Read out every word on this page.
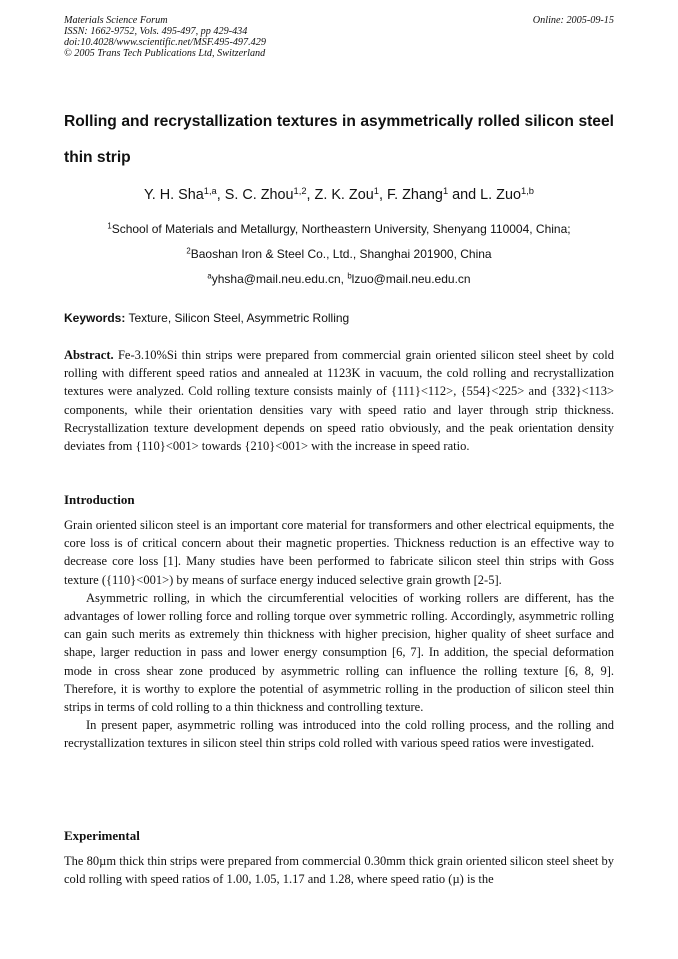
Materials Science Forum
ISSN: 1662-9752, Vols. 495-497, pp 429-434
doi:10.4028/www.scientific.net/MSF.495-497.429
© 2005 Trans Tech Publications Ltd, Switzerland
Online: 2005-09-15
Rolling and recrystallization textures in asymmetrically rolled silicon steel thin strip
Y. H. Sha$^{1,a}$, S. C. Zhou$^{1,2}$, Z. K. Zou$^1$, F. Zhang$^1$ and L. Zuo$^{1,b}$
$^1$School of Materials and Metallurgy, Northeastern University, Shenyang 110004, China;
$^2$Baoshan Iron & Steel Co., Ltd., Shanghai 201900, China
$^a$yhsha@mail.neu.edu.cn, $^b$lzuo@mail.neu.edu.cn
Keywords: Texture, Silicon Steel, Asymmetric Rolling

Abstract. Fe-3.10%Si thin strips were prepared from commercial grain oriented silicon steel sheet by cold rolling with different speed ratios and annealed at 1123K in vacuum, the cold rolling and recrystallization textures were analyzed. Cold rolling texture consists mainly of {111}<112>, {554}<225> and {332}<113> components, while their orientation densities vary with speed ratio and layer through strip thickness. Recrystallization texture development depends on speed ratio obviously, and the peak orientation density deviates from {110}<001> towards {210}<001> with the increase in speed ratio.

Introduction

Grain oriented silicon steel is an important core material for transformers and other electrical equipments, the core loss is of critical concern about their magnetic properties. Thickness reduction is an effective way to decrease core loss [1]. Many studies have been performed to fabricate silicon steel thin strips with Goss texture ({110}<001>) by means of surface energy induced selective grain growth [2-5].

Asymmetric rolling, in which the circumferential velocities of working rollers are different, has the advantages of lower rolling force and rolling torque over symmetric rolling. Accordingly, asymmetric rolling can gain such merits as extremely thin thickness with higher precision, higher quality of sheet surface and shape, larger reduction in pass and lower energy consumption [6, 7]. In addition, the special deformation mode in cross shear zone produced by asymmetric rolling can influence the rolling texture [6, 8, 9]. Therefore, it is worthy to explore the potential of asymmetric rolling in the production of silicon steel thin strips in terms of cold rolling to a thin thickness and controlling texture.

In present paper, asymmetric rolling was introduced into the cold rolling process, and the rolling and recrystallization textures in silicon steel thin strips cold rolled with various speed ratios were investigated.

Experimental

The 80µm thick thin strips were prepared from commercial 0.30mm thick grain oriented silicon steel sheet by cold rolling with speed ratios of 1.00, 1.05, 1.17 and 1.28, where speed ratio (µ) is the
